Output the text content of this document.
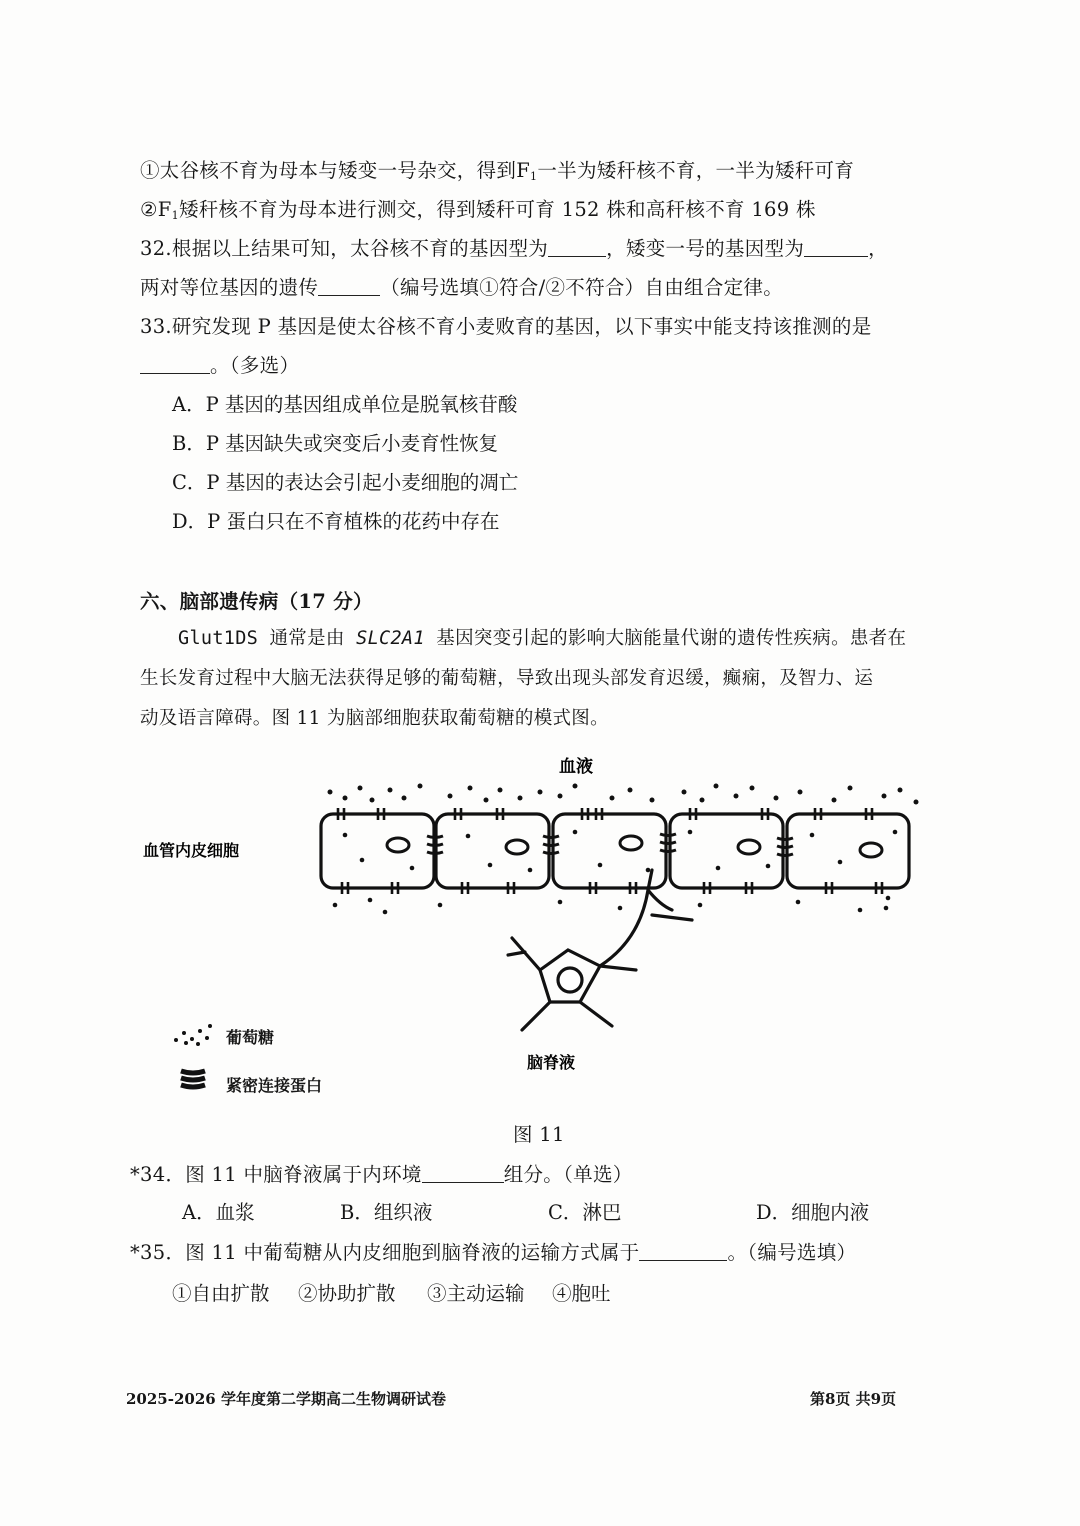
①太谷核不育为母本与矮变一号杂交，得到$F_1$一半为矮秆核不育，一半为矮秆可育
$②F_1$矮秆核不育为母本进行测交，得到矮秆可育 152 株和高秆核不育 169 株
32.根据以上结果可知，太谷核不育的基因型为	，矮变一号的基因型为	，
两对等位基因的遗传	（编号选填①符合/②不符合）自由组合定律。
33.研究发现 P 基因是使太谷核不育小麦败育的基因，以下事实中能支持该推测的是
。（多选）
A．P 基因的基因组成单位是脱氧核苷酸
B．P 基因缺失或突变后小麦育性恢复
C．P 基因的表达会引起小麦细胞的凋亡
D．P 蛋白只在不育植株的花药中存在
六、脑部遗传病（17 分）
Glut1DS 通常是由 SLC2A1 基因突变引起的影响大脑能量代谢的遗传性疾病。患者在
生长发育过程中大脑无法获得足够的葡萄糖，导致出现头部发育迟缓，癫痫，及智力、运
动及语言障碍。图 11 为脑部细胞获取葡萄糖的模式图。
血液
血管内皮细胞
脑脊液
葡萄糖
紧密连接蛋白
图 11
*34．图 11 中脑脊液属于内环境	组分。（单选）
A．血浆	B．组织液	C．淋巴	D．细胞内液
*35．图 11 中葡萄糖从内皮细胞到脑脊液的运输方式属于	。（编号选填）
①自由扩散 ②协助扩散 ③主动运输 ④胞吐
2025-2026 学年度第二学期高二生物调研试卷	第8页 共9页
